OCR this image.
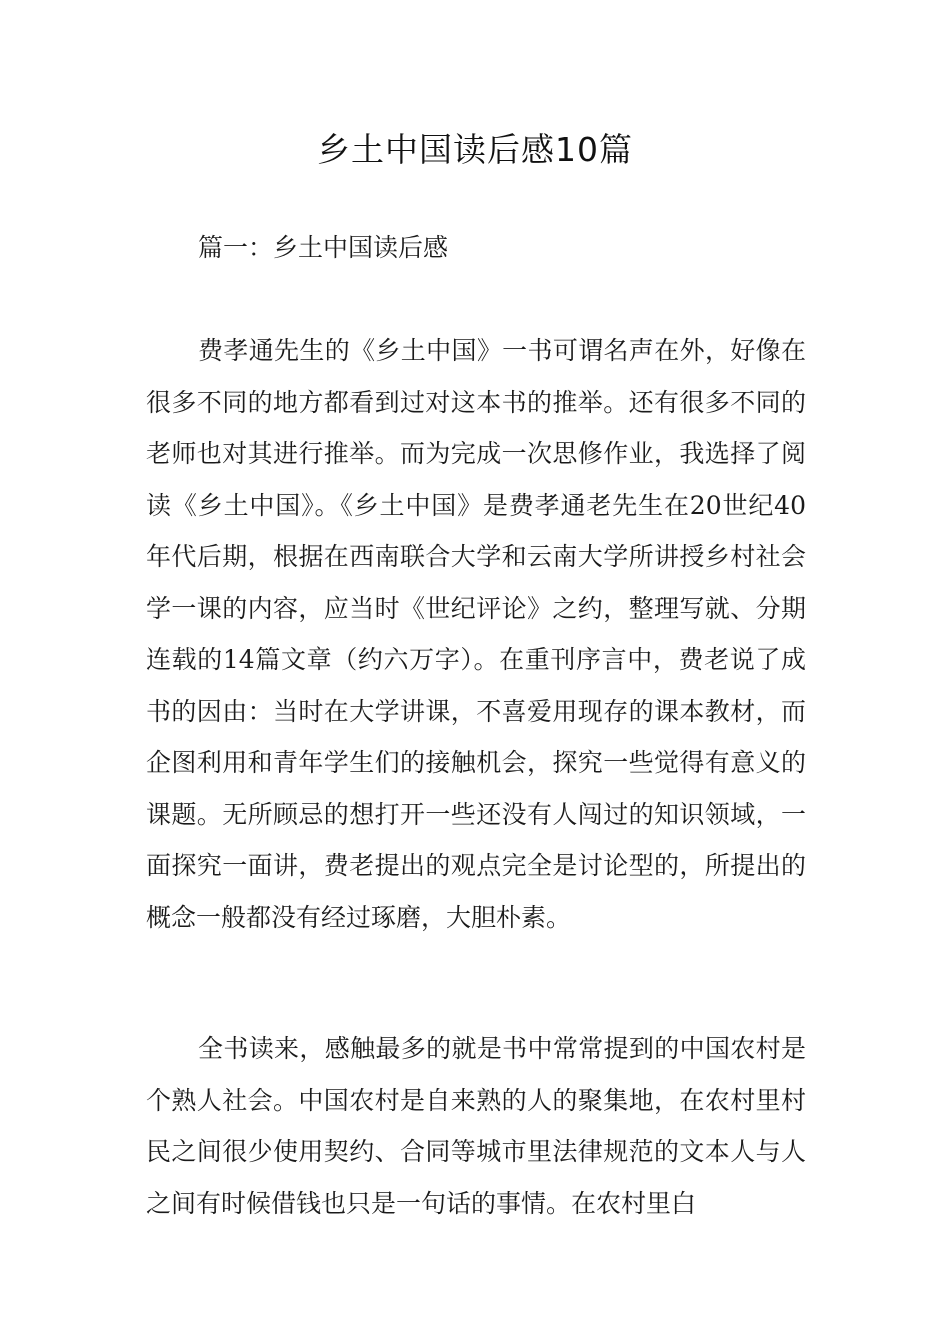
乡土中国读后感10篇
篇一：乡土中国读后感

费孝通先生的《乡土中国》一书可谓名声在外，好像在很多不同的地方都看到过对这本书的推举。还有很多不同的老师也对其进行推举。而为完成一次思修作业，我选择了阅读《乡土中国》。《乡土中国》是费孝通老先生在20世纪40年代后期，根据在西南联合大学和云南大学所讲授乡村社会学一课的内容，应当时《世纪评论》之约，整理写就、分期连载的14篇文章（约六万字）。在重刊序言中，费老说了成书的因由：当时在大学讲课，不喜爱用现存的课本教材，而企图利用和青年学生们的接触机会，探究一些觉得有意义的课题。无所顾忌的想打开一些还没有人闯过的知识领域，一面探究一面讲，费老提出的观点完全是讨论型的，所提出的概念一般都没有经过琢磨，大胆朴素。

全书读来，感触最多的就是书中常常提到的中国农村是个熟人社会。中国农村是自来熟的人的聚集地，在农村里村民之间很少使用契约、合同等城市里法律规范的文本人与人之间有时候借钱也只是一句话的事情。在农村里白
